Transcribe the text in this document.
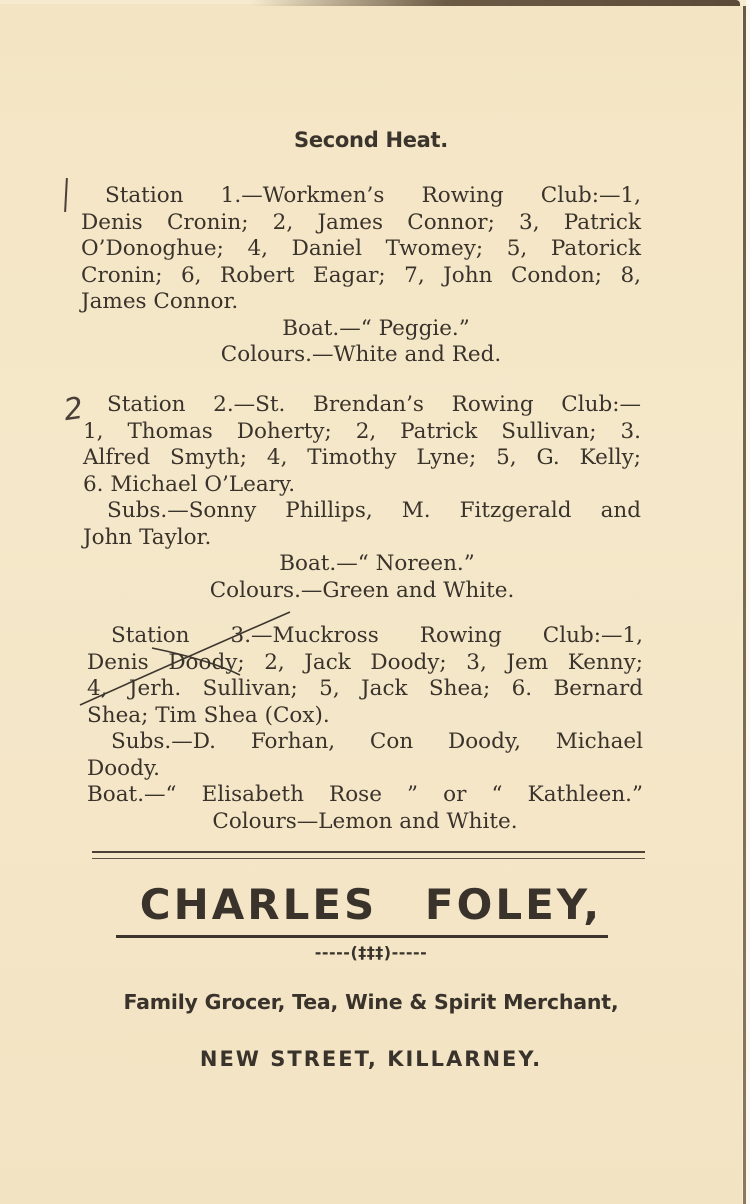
Second Heat.
Station 1.—Workmen’s Rowing Club:—1,
Denis Cronin; 2, James Connor; 3, Patrick
O’Donoghue; 4, Daniel Twomey; 5, Patorick
Cronin; 6, Robert Eagar; 7, John Condon; 8,
James Connor.
Boat.—“ Peggie.”
Colours.—White and Red.
2	Station 2.—St. Brendan’s Rowing Club:—
1, Thomas Doherty; 2, Patrick Sullivan; 3.
Alfred Smyth; 4, Timothy Lyne; 5, G. Kelly;
6. Michael O’Leary.
Subs.—Sonny Phillips, M. Fitzgerald and
John Taylor.
Boat.—“ Noreen.”
Colours.—Green and White.
Station 3.—Muckross Rowing Club:—1,
Denis Doody; 2, Jack Doody; 3, Jem Kenny;
4, Jerh. Sullivan; 5, Jack Shea; 6. Bernard
Shea; Tim Shea (Cox).
Subs.—D. Forhan, Con Doody, Michael
Doody.
Boat.—“ Elisabeth Rose ” or “ Kathleen.”
Colours—Lemon and White.
CHARLES FOLEY,
-----(‡‡‡)-----
Family Grocer, Tea, Wine & Spirit Merchant,
NEW STREET, KILLARNEY.
